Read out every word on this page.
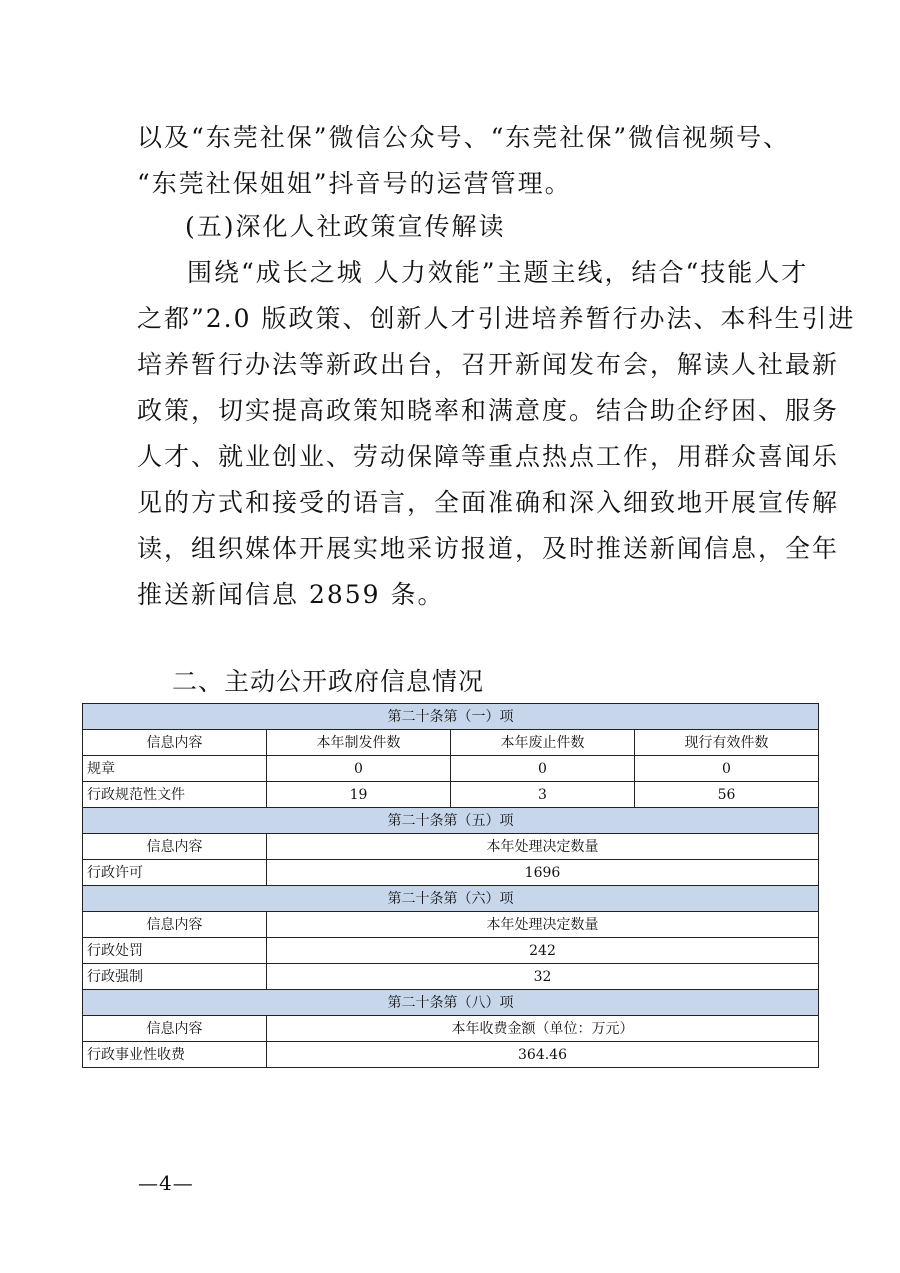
以及“东莞社保”微信公众号、“东莞社保”微信视频号、
“东莞社保姐姐”抖音号的运营管理。

(五)深化人社政策宣传解读

围绕“成长之城 人力效能”主题主线，结合“技能人才
之都”2.0 版政策、创新人才引进培养暂行办法、本科生引进
培养暂行办法等新政出台，召开新闻发布会，解读人社最新
政策，切实提高政策知晓率和满意度。结合助企纾困、服务
人才、就业创业、劳动保障等重点热点工作，用群众喜闻乐
见的方式和接受的语言，全面准确和深入细致地开展宣传解
读，组织媒体开展实地采访报道，及时推送新闻信息，全年
推送新闻信息 2859 条。

二、主动公开政府信息情况
第二十条第（一）项			
信息内容	本年制发件数	本年废止件数	现行有效件数
规章	0	0	0
行政规范性文件	19	3	56
第二十条第（五）项			
信息内容	本年处理决定数量		
行政许可	1696		
第二十条第（六）项			
信息内容	本年处理决定数量		
行政处罚	242		
行政强制	32		
第二十条第（八）项			
信息内容	本年收费金额（单位：万元）		
行政事业性收费	364.46		
—4—
